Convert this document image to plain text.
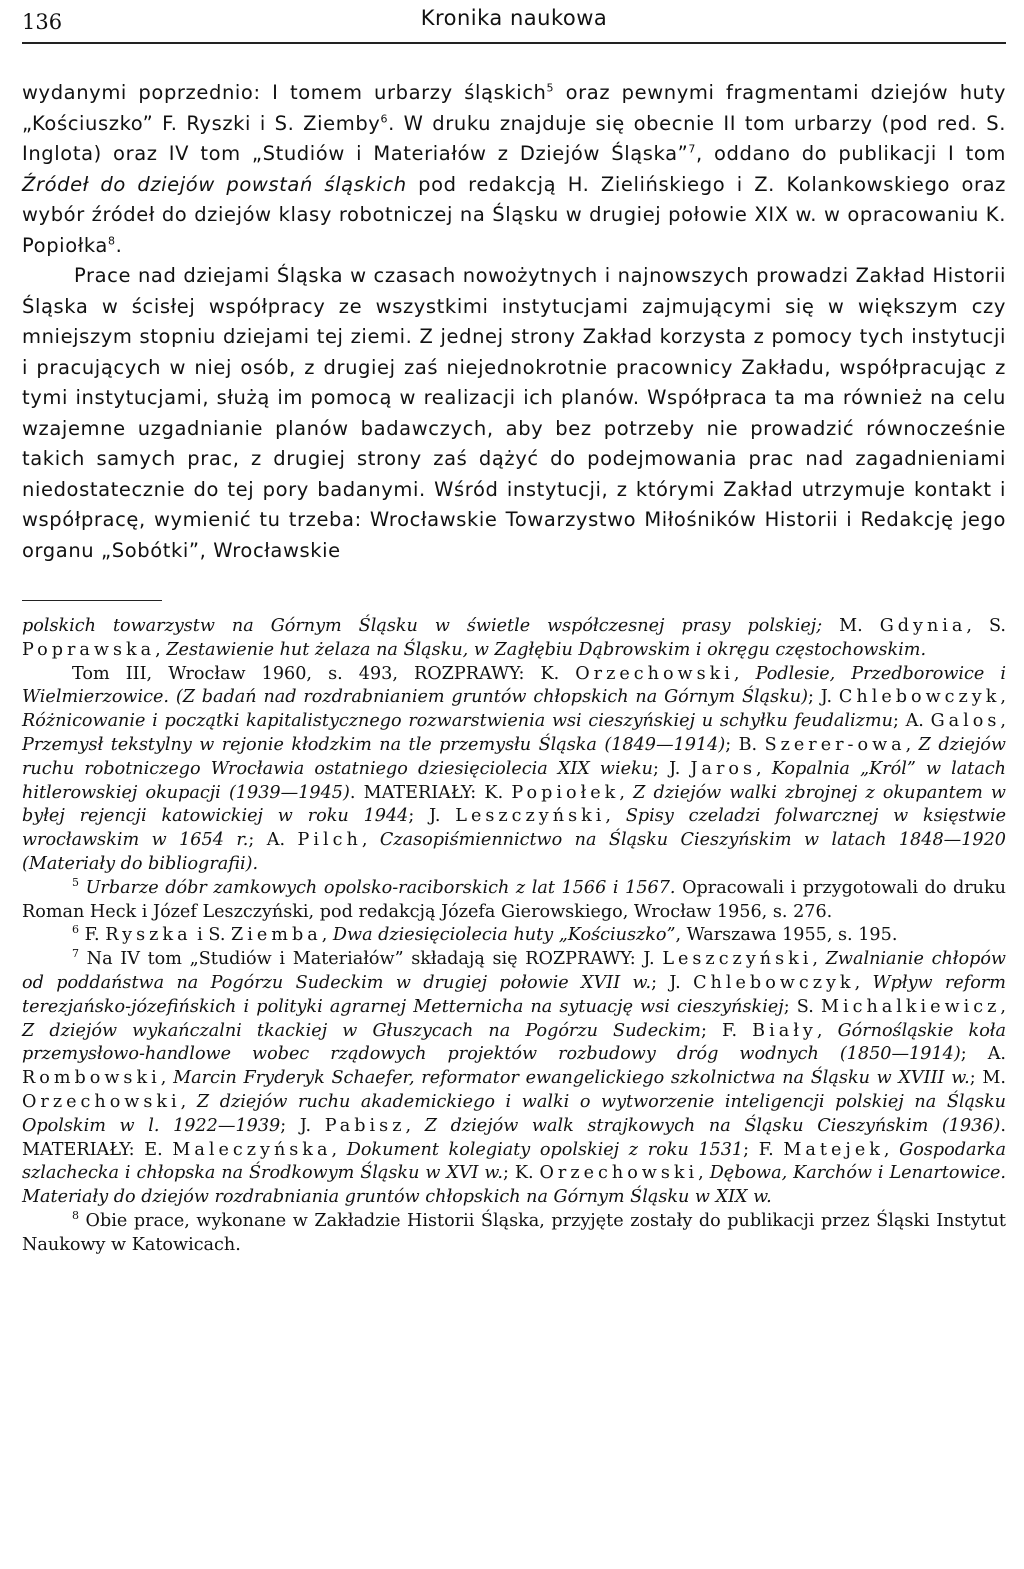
136	Kronika naukowa

wydanymi poprzednio: I tomem urbarzy śląskich$^5$ oraz pewnymi fragmentami dziejów huty „Kościuszko” F. Ryszki i S. Ziemby$^6$. W druku znajduje się obecnie II tom urbarzy (pod red. S. Inglota) oraz IV tom „Studiów i Materiałów z Dziejów Śląska”$^7$, oddano do publikacji I tom Źródeł do dziejów powstań śląskich pod redakcją H. Zielińskiego i Z. Kolankowskiego oraz wybór źródeł do dziejów klasy robotniczej na Śląsku w drugiej połowie XIX w. w opracowaniu K. Popiołka$^8$.

Prace nad dziejami Śląska w czasach nowożytnych i najnowszych prowadzi Zakład Historii Śląska w ścisłej współpracy ze wszystkimi instytucjami zajmującymi się w większym czy mniejszym stopniu dziejami tej ziemi. Z jednej strony Zakład korzysta z pomocy tych instytucji i pracujących w niej osób, z drugiej zaś niejednokrotnie pracownicy Zakładu, współpracując z tymi instytucjami, służą im pomocą w realizacji ich planów. Współpraca ta ma również na celu wzajemne uzgadnianie planów badawczych, aby bez potrzeby nie prowadzić równocześnie takich samych prac, z drugiej strony zaś dążyć do podejmowania prac nad zagadnieniami niedostatecznie do tej pory badanymi. Wśród instytucji, z którymi Zakład utrzymuje kontakt i współpracę, wymienić tu trzeba: Wrocławskie Towarzystwo Miłośników Historii i Redakcję jego organu „Sobótki”, Wrocławskie

polskich towarzystw na Górnym Śląsku w świetle współczesnej prasy polskiej; M. Gdynia, S. Poprawska, Zestawienie hut żelaza na Śląsku, w Zagłębiu Dąbrowskim i okręgu częstochowskim.

Tom III, Wrocław 1960, s. 493, ROZPRAWY: K. Orzechowski, Podlesie, Przedborowice i Wielmierzowice. (Z badań nad rozdrabnianiem gruntów chłopskich na Górnym Śląsku); J. Chlebowczyk, Różnicowanie i początki kapitalistycznego rozwarstwienia wsi cieszyńskiej u schyłku feudalizmu; A. Galos, Przemysł tekstylny w rejonie kłodzkim na tle przemysłu Śląska (1849—1914); B. Szerer-owa, Z dziejów ruchu robotniczego Wrocławia ostatniego dziesięciolecia XIX wieku; J. Jaros, Kopalnia „Król” w latach hitlerowskiej okupacji (1939—1945). MATERIAŁY: K. Popiołek, Z dziejów walki zbrojnej z okupantem w byłej rejencji katowickiej w roku 1944; J. Leszczyński, Spisy czeladzi folwarcznej w księstwie wrocławskim w 1654 r.; A. Pilch, Czasopiśmiennictwo na Śląsku Cieszyńskim w latach 1848—1920 (Materiały do bibliografii).

$^5$ Urbarze dóbr zamkowych opolsko-raciborskich z lat 1566 i 1567. Opracowali i przygotowali do druku Roman Heck i Józef Leszczyński, pod redakcją Józefa Gierowskiego, Wrocław 1956, s. 276.

$^6$ F. Ryszka i S. Ziemba, Dwa dziesięciolecia huty „Kościuszko”, Warszawa 1955, s. 195.

$^7$ Na IV tom „Studiów i Materiałów” składają się ROZPRAWY: J. Leszczyński, Zwalnianie chłopów od poddaństwa na Pogórzu Sudeckim w drugiej połowie XVII w.; J. Chlebowczyk, Wpływ reform terezjańsko-józefińskich i polityki agrarnej Metternicha na sytuację wsi cieszyńskiej; S. Michalkiewicz, Z dziejów wykańczalni tkackiej w Głuszycach na Pogórzu Sudeckim; F. Biały, Górnośląskie koła przemysłowo-handlowe wobec rządowych projektów rozbudowy dróg wodnych (1850—1914); A. Rombowski, Marcin Fryderyk Schaefer, reformator ewangelickiego szkolnictwa na Śląsku w XVIII w.; M. Orzechowski, Z dziejów ruchu akademickiego i walki o wytworzenie inteligencji polskiej na Śląsku Opolskim w l. 1922—1939; J. Pabisz, Z dziejów walk strajkowych na Śląsku Cieszyńskim (1936). MATERIAŁY: E. Maleczyńska, Dokument kolegiaty opolskiej z roku 1531; F. Matejek, Gospodarka szlachecka i chłopska na Środkowym Śląsku w XVI w.; K. Orzechowski, Dębowa, Karchów i Lenartowice. Materiały do dziejów rozdrabniania gruntów chłopskich na Górnym Śląsku w XIX w.

$^8$ Obie prace, wykonane w Zakładzie Historii Śląska, przyjęte zostały do publikacji przez Śląski Instytut Naukowy w Katowicach.
